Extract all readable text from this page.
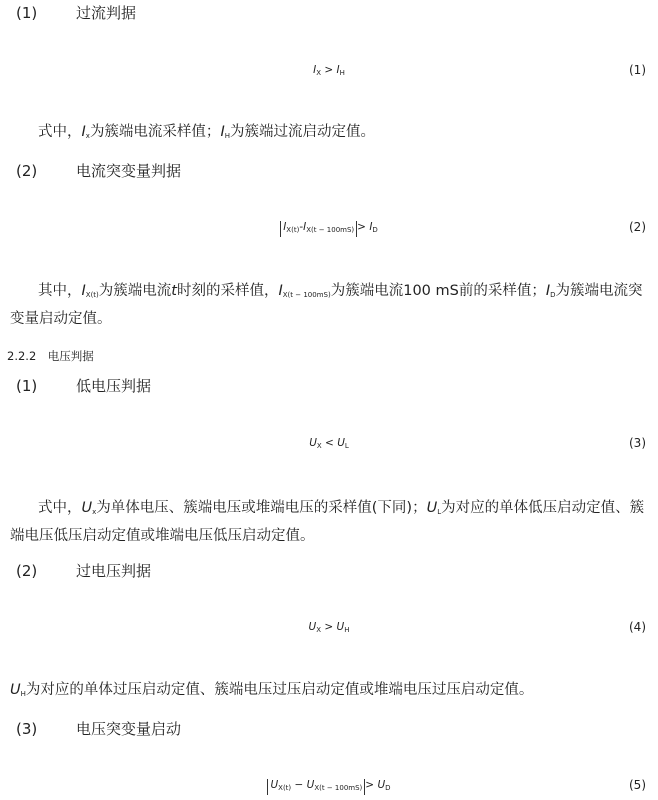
(1)	过流判据
$I_X > I_H$	(1)
式中，$I_x$为簇端电流采样值；$I_H$为簇端过流启动定值。
(2)	电流突变量判据
$I_{X(t)}-I_{X(t - 100mS)} > I_D$	(2)
其中，$I_{X(t)}$为簇端电流t时刻的采样值，$I_{X(t - 100mS)}$为簇端电流100 mS前的采样值；$I_D$为簇端电流突变量启动定值。
2.2.2　电压判据
(1)	低电压判据
$U_X < U_L$	(3)
式中，$U_x$为单体电压、簇端电压或堆端电压的采样值(下同)；$U_L$为对应的单体低压启动定值、簇端电压低压启动定值或堆端电压低压启动定值。
(2)	过电压判据
$U_X > U_H$	(4)
$U_H$为对应的单体过压启动定值、簇端电压过压启动定值或堆端电压过压启动定值。
(3)	电压突变量启动
$U_{X(t)} - U_{X(t - 100mS)} > U_D$	(5)
